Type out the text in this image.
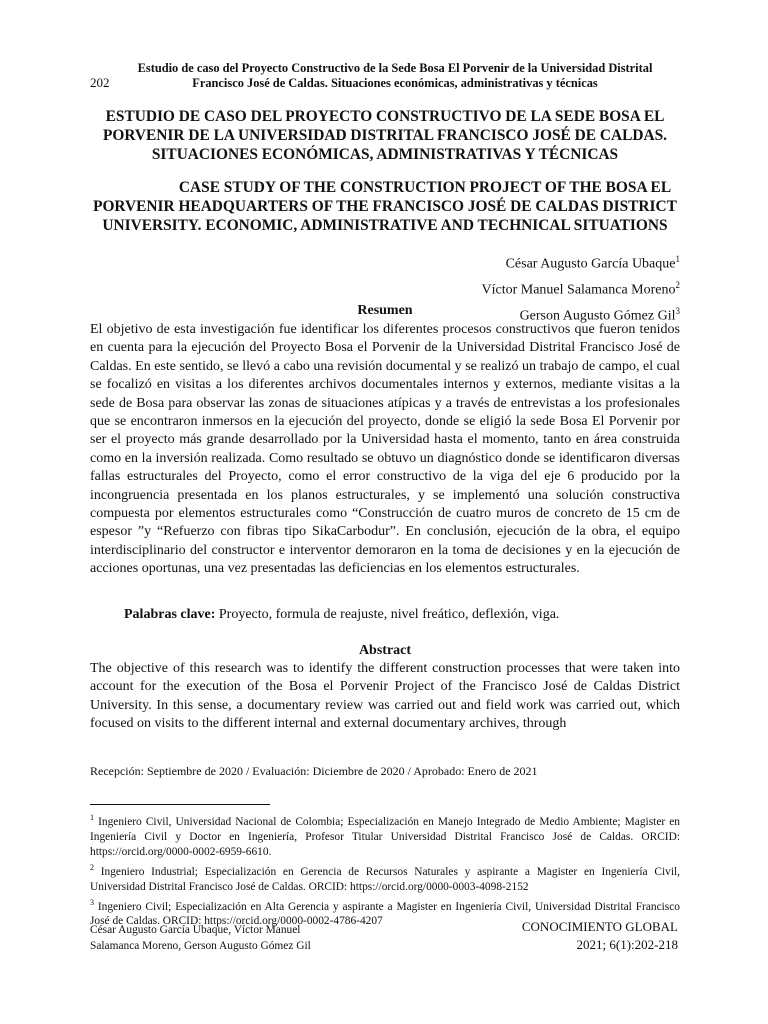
202
Estudio de caso del Proyecto Constructivo de la Sede Bosa El Porvenir de la Universidad Distrital
Francisco José de Caldas. Situaciones económicas, administrativas y técnicas
ESTUDIO DE CASO DEL PROYECTO CONSTRUCTIVO DE LA SEDE BOSA EL PORVENIR DE LA UNIVERSIDAD DISTRITAL FRANCISCO JOSÉ DE CALDAS. SITUACIONES ECONÓMICAS, ADMINISTRATIVAS Y TÉCNICAS
CASE STUDY OF THE CONSTRUCTION PROJECT OF THE BOSA EL
PORVENIR HEADQUARTERS OF THE FRANCISCO JOSÉ DE CALDAS DISTRICT UNIVERSITY. ECONOMIC, ADMINISTRATIVE AND TECHNICAL SITUATIONS
César Augusto García Ubaque$^1$
Víctor Manuel Salamanca Moreno$^2$
Gerson Augusto Gómez Gil$^3$
Resumen
El objetivo de esta investigación fue identificar los diferentes procesos constructivos que fueron tenidos en cuenta para la ejecución del Proyecto Bosa el Porvenir de la Universidad Distrital Francisco José de Caldas. En este sentido, se llevó a cabo una revisión documental y se realizó un trabajo de campo, el cual se focalizó en visitas a los diferentes archivos documentales internos y externos, mediante visitas a la sede de Bosa para observar las zonas de situaciones atípicas y a través de entrevistas a los profesionales que se encontraron inmersos en la ejecución del proyecto, donde se eligió la sede Bosa El Porvenir por ser el proyecto más grande desarrollado por la Universidad hasta el momento, tanto en área construida como en la inversión realizada. Como resultado se obtuvo un diagnóstico donde se identificaron diversas fallas estructurales del Proyecto, como el error constructivo de la viga del eje 6 producido por la incongruencia presentada en los planos estructurales, y se implementó una solución constructiva compuesta por elementos estructurales como “Construcción de cuatro muros de concreto de 15 cm de espesor ”y “Refuerzo con fibras tipo SikaCarbodur”. En conclusión, ejecución de la obra, el equipo interdisciplinario del constructor e interventor demoraron en la toma de decisiones y en la ejecución de acciones oportunas, una vez presentadas las deficiencias en los elementos estructurales.
Palabras clave: Proyecto, formula de reajuste, nivel freático, deflexión, viga.
Abstract
The objective of this research was to identify the different construction processes that were taken into account for the execution of the Bosa el Porvenir Project of the Francisco José de Caldas District University. In this sense, a documentary review was carried out and field work was carried out, which focused on visits to the different internal and external documentary archives, through
Recepción: Septiembre de 2020 / Evaluación: Diciembre de 2020 / Aprobado: Enero de 2021

$^1$ Ingeniero Civil, Universidad Nacional de Colombia; Especialización en Manejo Integrado de Medio Ambiente; Magister en Ingeniería Civil y Doctor en Ingeniería, Profesor Titular Universidad Distrital Francisco José de Caldas. ORCID: https://orcid.org/0000-0002-6959-6610.

$^2$ Ingeniero Industrial; Especialización en Gerencia de Recursos Naturales y aspirante a Magister en Ingeniería Civil, Universidad Distrital Francisco José de Caldas. ORCID: https://orcid.org/0000-0003-4098-2152

$^3$ Ingeniero Civil; Especialización en Alta Gerencia y aspirante a Magister en Ingeniería Civil, Universidad Distrital Francisco José de Caldas. ORCID: https://orcid.org/0000-0002-4786-4207

César Augusto García Ubaque, Víctor Manuel
Salamanca Moreno, Gerson Augusto Gómez Gil
CONOCIMIENTO GLOBAL
2021; 6(1):202-218
